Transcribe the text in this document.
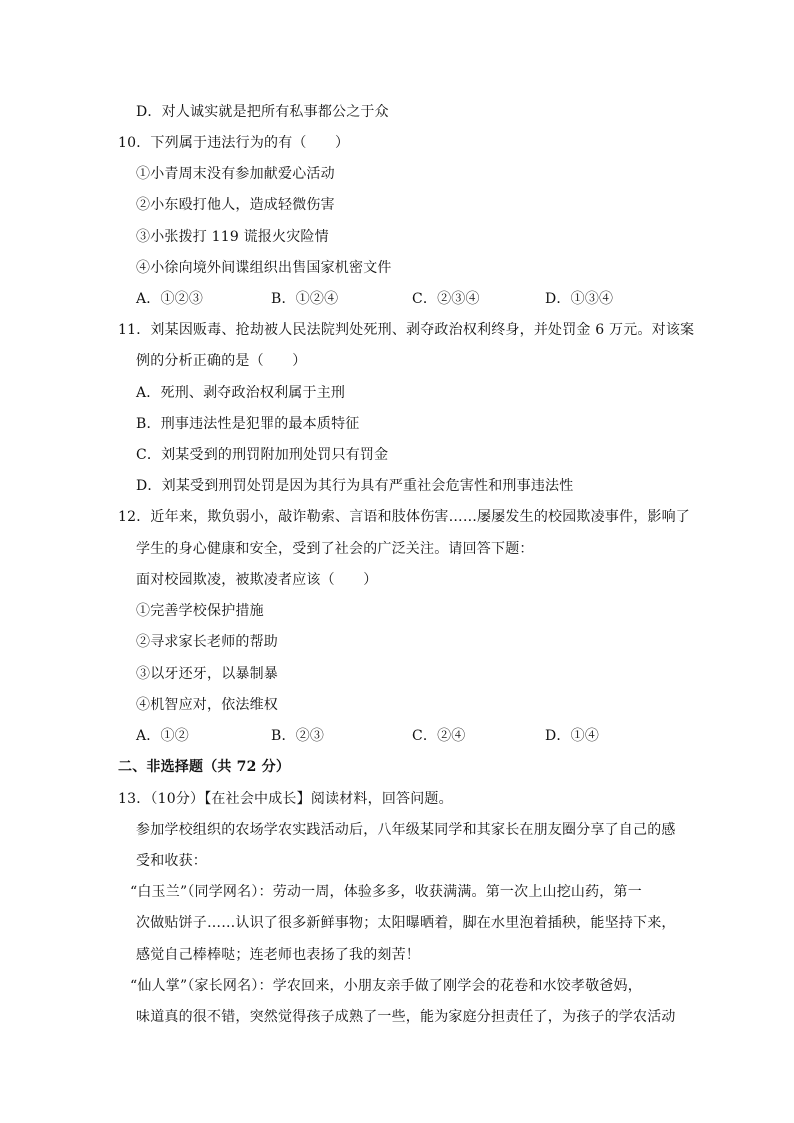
D．对人诚实就是把所有私事都公之于众
10．下列属于违法行为的有（　　）
①小青周末没有参加献爱心活动
②小东殴打他人，造成轻微伤害
③小张拨打 119 谎报火灾险情
④小徐向境外间谍组织出售国家机密文件
A．①②③	B．①②④	C．②③④	D．①③④
11．刘某因贩毒、抢劫被人民法院判处死刑、剥夺政治权利终身，并处罚金 6 万元。对该案
例的分析正确的是（　　）
A．死刑、剥夺政治权利属于主刑
B．刑事违法性是犯罪的最本质特征
C．刘某受到的刑罚附加刑处罚只有罚金
D．刘某受到刑罚处罚是因为其行为具有严重社会危害性和刑事违法性
12．近年来，欺负弱小，敲诈勒索、言语和肢体伤害……屡屡发生的校园欺凌事件，影响了
学生的身心健康和安全，受到了社会的广泛关注。请回答下题：
面对校园欺凌，被欺凌者应该（　　）
①完善学校保护措施
②寻求家长老师的帮助
③以牙还牙，以暴制暴
④机智应对，依法维权
A．①②	B．②③	C．②④	D．①④
二、非选择题（共 72 分）
13．（10分）【在社会中成长】阅读材料，回答问题。
参加学校组织的农场学农实践活动后，八年级某同学和其家长在朋友圈分享了自己的感
受和收获：
“白玉兰”（同学网名）：劳动一周，体验多多，收获满满。第一次上山挖山药，第一
次做贴饼子……认识了很多新鲜事物；太阳曝晒着，脚在水里泡着插秧，能坚持下来，
感觉自己棒棒哒；连老师也表扬了我的刻苦！
“仙人掌”（家长网名）：学农回来，小朋友亲手做了刚学会的花卷和水饺孝敬爸妈，
味道真的很不错，突然觉得孩子成熟了一些，能为家庭分担责任了，为孩子的学农活动
